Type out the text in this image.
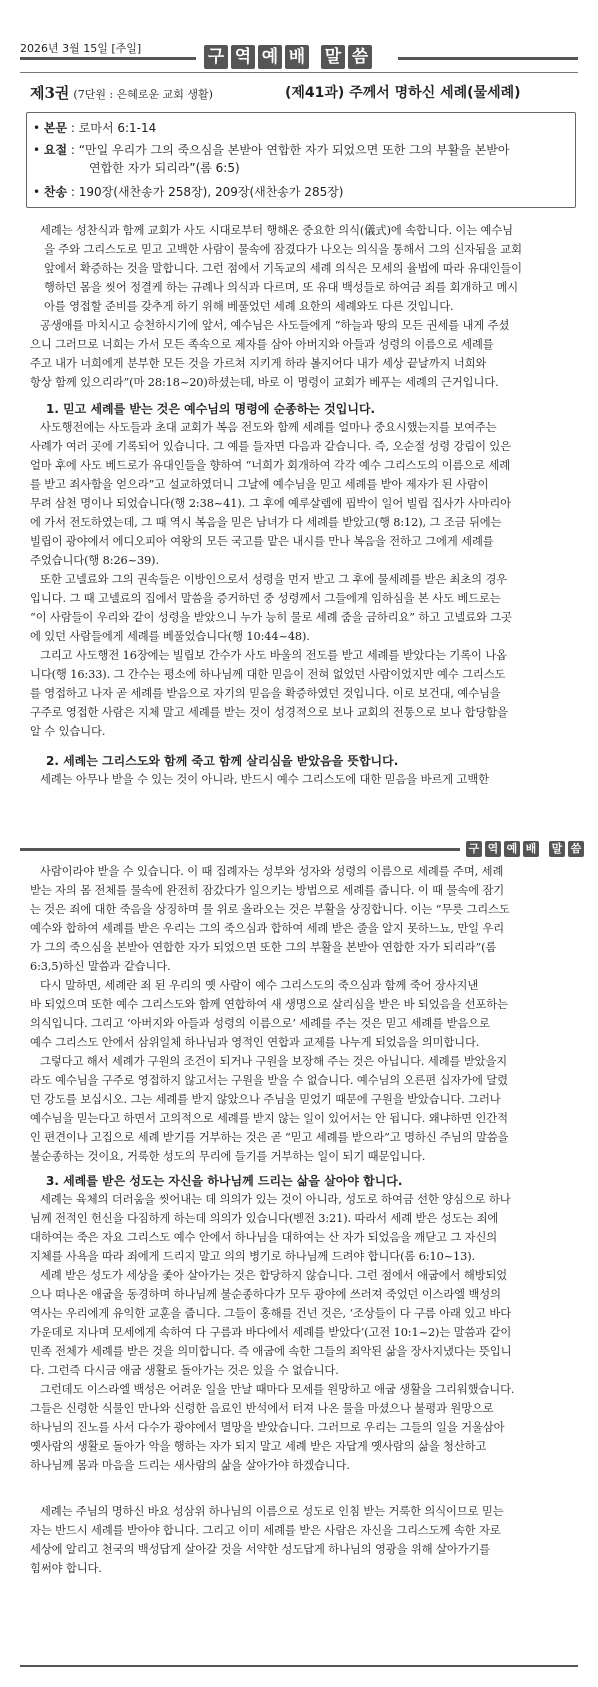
2026년 3월 15일 [주일]	구 역 예 배 말 씀
제3권 (7단원 : 은혜로운 교회 생활)	(제41과) 주께서 명하신 세례(물세례)
• 본문 : 로마서 6:1-14
• 요절 : “만일 우리가 그의 죽으심을 본받아 연합한 자가 되었으면 또한 그의 부활을 본받아
연합한 자가 되리라”(롬 6:5)
• 찬송 : 190장(새찬송가 258장), 209장(새찬송가 285장)
세례는 성찬식과 함께 교회가 사도 시대로부터 행해온 중요한 의식(儀式)에 속합니다. 이는 예수님
을 주와 그리스도로 믿고 고백한 사람이 물속에 잠겼다가 나오는 의식을 통해서 그의 신자됨을 교회
앞에서 확증하는 것을 말합니다. 그런 점에서 기독교의 세례 의식은 모세의 율법에 따라 유대인들이
행하던 몸을 씻어 정결케 하는 규례나 의식과 다르며, 또 유대 백성들로 하여금 죄를 회개하고 메시
아를 영접할 준비를 갖추게 하기 위해 베풀었던 세례 요한의 세례와도 다른 것입니다.
공생애를 마치시고 승천하시기에 앞서, 예수님은 사도들에게 “하늘과 땅의 모든 권세를 내게 주셨
으니 그러므로 너희는 가서 모든 족속으로 제자를 삼아 아버지와 아들과 성령의 이름으로 세례를
주고 내가 너희에게 분부한 모든 것을 가르쳐 지키게 하라 볼지어다 내가 세상 끝날까지 너희와
항상 함께 있으리라”(마 28:18~20)하셨는데, 바로 이 명령이 교회가 베푸는 세례의 근거입니다.
1. 믿고 세례를 받는 것은 예수님의 명령에 순종하는 것입니다.
사도행전에는 사도들과 초대 교회가 복음 전도와 함께 세례를 얼마나 중요시했는지를 보여주는
사례가 여러 곳에 기록되어 있습니다. 그 예를 들자면 다음과 같습니다. 즉, 오순절 성령 강림이 있은
얼마 후에 사도 베드로가 유대인들을 향하여 “너희가 회개하여 각각 예수 그리스도의 이름으로 세례
를 받고 죄사함을 얻으라”고 설교하였더니 그날에 예수님을 믿고 세례를 받아 제자가 된 사람이
무려 삼천 명이나 되었습니다(행 2:38~41). 그 후에 예루살렘에 핍박이 일어 빌립 집사가 사마리아
에 가서 전도하였는데, 그 때 역시 복음을 믿은 남녀가 다 세례를 받았고(행 8:12), 그 조금 뒤에는
빌립이 광야에서 에디오피아 여왕의 모든 국고를 맡은 내시를 만나 복음을 전하고 그에게 세례를
주었습니다(행 8:26~39).
또한 고넬료와 그의 권속들은 이방인으로서 성령을 먼저 받고 그 후에 물세례를 받은 최초의 경우
입니다. 그 때 고넬료의 집에서 말씀을 증거하던 중 성령께서 그들에게 임하심을 본 사도 베드로는
“이 사람들이 우리와 같이 성령을 받았으니 누가 능히 물로 세례 줌을 금하리요” 하고 고넬료와 그곳
에 있던 사람들에게 세례를 베풀었습니다(행 10:44~48).
그리고 사도행전 16장에는 빌립보 간수가 사도 바울의 전도를 받고 세례를 받았다는 기록이 나옵
니다(행 16:33). 그 간수는 평소에 하나님께 대한 믿음이 전혀 없었던 사람이었지만 예수 그리스도
를 영접하고 나자 곧 세례를 받음으로 자기의 믿음을 확증하였던 것입니다. 이로 보건대, 예수님을
구주로 영접한 사람은 지체 말고 세례를 받는 것이 성경적으로 보나 교회의 전통으로 보나 합당함을
알 수 있습니다.
2. 세례는 그리스도와 함께 죽고 함께 살리심을 받았음을 뜻합니다.
세례는 아무나 받을 수 있는 것이 아니라, 반드시 예수 그리스도에 대한 믿음을 바르게 고백한
구 역 예 배 말 씀
사람이라야 받을 수 있습니다. 이 때 집례자는 성부와 성자와 성령의 이름으로 세례를 주며, 세례
받는 자의 몸 전체를 물속에 완전히 잠갔다가 일으키는 방법으로 세례를 줍니다. 이 때 물속에 잠기
는 것은 죄에 대한 죽음을 상징하며 물 위로 올라오는 것은 부활을 상징합니다. 이는 “무릇 그리스도
예수와 합하여 세례를 받은 우리는 그의 죽으심과 합하여 세례 받은 줄을 알지 못하느뇨, 만일 우리
가 그의 죽으심을 본받아 연합한 자가 되었으면 또한 그의 부활을 본받아 연합한 자가 되리라”(롬
6:3,5)하신 말씀과 같습니다.
다시 말하면, 세례란 죄 된 우리의 옛 사람이 예수 그리스도의 죽으심과 함께 죽어 장사지낸
바 되었으며 또한 예수 그리스도와 함께 연합하여 새 생명으로 살리심을 받은 바 되었음을 선포하는
의식입니다. 그리고 ‘아버지와 아들과 성령의 이름으로’ 세례를 주는 것은 믿고 세례를 받음으로
예수 그리스도 안에서 삼위일체 하나님과 영적인 연합과 교제를 나누게 되었음을 의미합니다.
그렇다고 해서 세례가 구원의 조건이 되거나 구원을 보장해 주는 것은 아닙니다. 세례를 받았을지
라도 예수님을 구주로 영접하지 않고서는 구원을 받을 수 없습니다. 예수님의 오른편 십자가에 달렸
던 강도를 보십시오. 그는 세례를 받지 않았으나 주님을 믿었기 때문에 구원을 받았습니다. 그러나
예수님을 믿는다고 하면서 고의적으로 세례를 받지 않는 일이 있어서는 안 됩니다. 왜냐하면 인간적
인 편견이나 고집으로 세례 받기를 거부하는 것은 곧 “믿고 세례를 받으라”고 명하신 주님의 말씀을
불순종하는 것이요, 거룩한 성도의 무리에 들기를 거부하는 일이 되기 때문입니다.
3. 세례를 받은 성도는 자신을 하나님께 드리는 삶을 살아야 합니다.
세례는 육체의 더러움을 씻어내는 데 의의가 있는 것이 아니라, 성도로 하여금 선한 양심으로 하나
님께 전적인 헌신을 다짐하게 하는데 의의가 있습니다(벧전 3:21). 따라서 세례 받은 성도는 죄에
대하여는 죽은 자요 그리스도 예수 안에서 하나님을 대하여는 산 자가 되었음을 깨닫고 그 자신의
지체를 사욕을 따라 죄에게 드리지 말고 의의 병기로 하나님께 드려야 합니다(롬 6:10~13).
세례 받은 성도가 세상을 좇아 살아가는 것은 합당하지 않습니다. 그런 점에서 애굽에서 해방되었
으나 떠나온 애굽을 동경하며 하나님께 불순종하다가 모두 광야에 쓰러져 죽었던 이스라엘 백성의
역사는 우리에게 유익한 교훈을 줍니다. 그들이 홍해를 건넌 것은, ‘조상들이 다 구름 아래 있고 바다
가운데로 지나며 모세에게 속하여 다 구름과 바다에서 세례를 받았다’(고전 10:1~2)는 말씀과 같이
민족 전체가 세례를 받은 것을 의미합니다. 즉 애굽에 속한 그들의 죄악된 삶을 장사지냈다는 뜻입니
다. 그런즉 다시금 애굽 생활로 돌아가는 것은 있을 수 없습니다.
그런데도 이스라엘 백성은 어려운 일을 만날 때마다 모세를 원망하고 애굽 생활을 그리워했습니다.
그들은 신령한 식물인 만나와 신령한 음료인 반석에서 터져 나온 물을 마셨으나 불평과 원망으로
하나님의 진노를 사서 다수가 광야에서 멸망을 받았습니다. 그러므로 우리는 그들의 일을 거울삼아
옛사람의 생활로 돌아가 악을 행하는 자가 되지 말고 세례 받은 자답게 옛사람의 삶을 청산하고
하나님께 몸과 마음을 드리는 새사람의 삶을 살아가야 하겠습니다.
세례는 주님의 명하신 바요 성삼위 하나님의 이름으로 성도로 인침 받는 거룩한 의식이므로 믿는
자는 반드시 세례를 받아야 합니다. 그리고 이미 세례를 받은 사람은 자신을 그리스도께 속한 자로
세상에 알리고 천국의 백성답게 살아갈 것을 서약한 성도답게 하나님의 영광을 위해 살아가기를
힘써야 합니다.
